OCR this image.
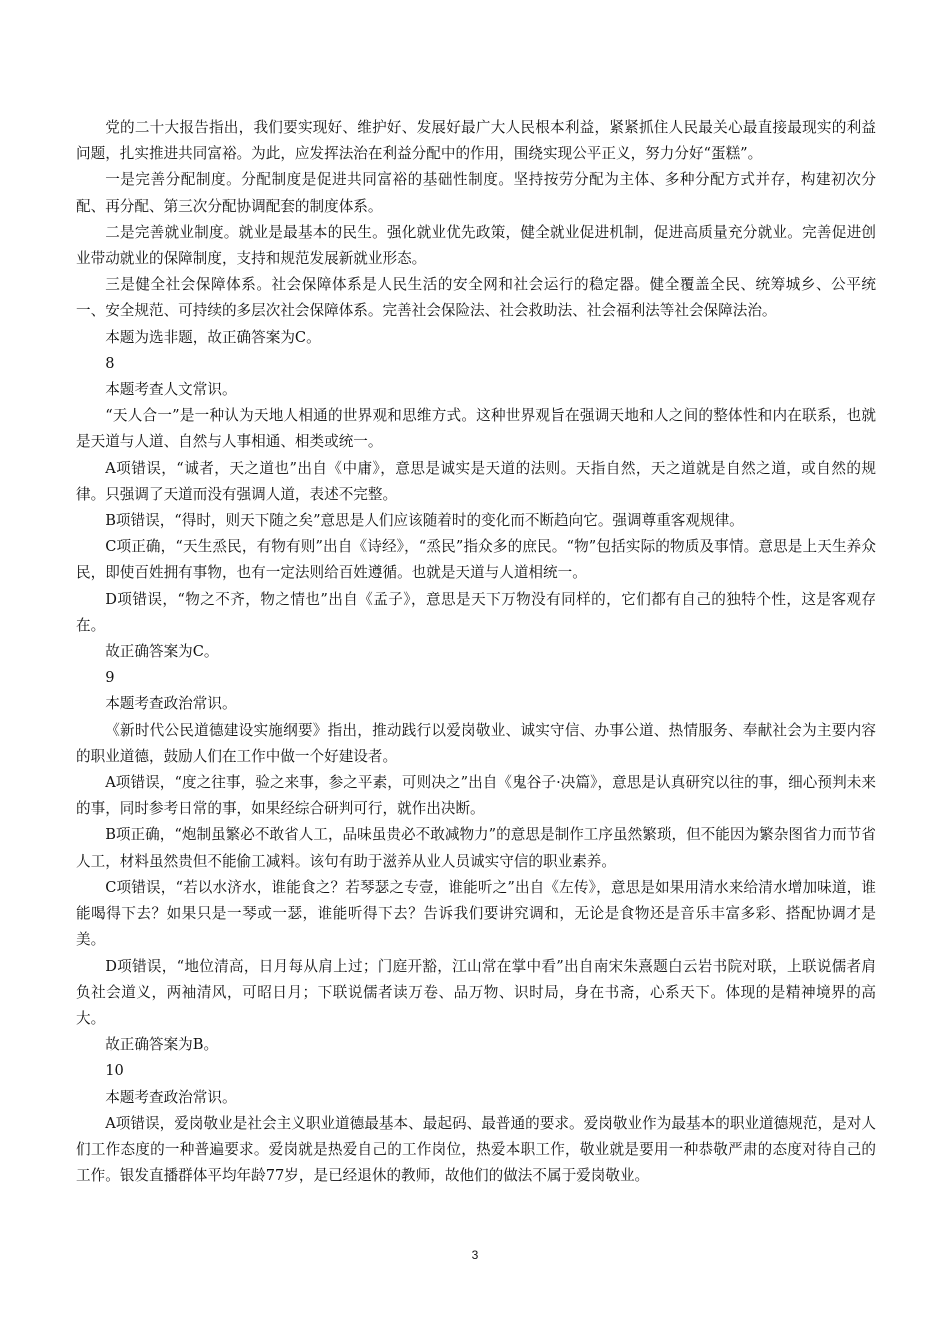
党的二十大报告指出，我们要实现好、维护好、发展好最广大人民根本利益，紧紧抓住人民最关心最直接最现实的利益问题，扎实推进共同富裕。为此，应发挥法治在利益分配中的作用，围绕实现公平正义，努力分好“蛋糕”。

一是完善分配制度。分配制度是促进共同富裕的基础性制度。坚持按劳分配为主体、多种分配方式并存，构建初次分配、再分配、第三次分配协调配套的制度体系。

二是完善就业制度。就业是最基本的民生。强化就业优先政策，健全就业促进机制，促进高质量充分就业。完善促进创业带动就业的保障制度，支持和规范发展新就业形态。

三是健全社会保障体系。社会保障体系是人民生活的安全网和社会运行的稳定器。健全覆盖全民、统筹城乡、公平统一、安全规范、可持续的多层次社会保障体系。完善社会保险法、社会救助法、社会福利法等社会保障法治。

本题为选非题，故正确答案为C。

8

本题考查人文常识。

“天人合一”是一种认为天地人相通的世界观和思维方式。这种世界观旨在强调天地和人之间的整体性和内在联系，也就是天道与人道、自然与人事相通、相类或统一。

A项错误，“诚者，天之道也”出自《中庸》，意思是诚实是天道的法则。天指自然，天之道就是自然之道，或自然的规律。只强调了天道而没有强调人道，表述不完整。

B项错误，“得时，则天下随之矣”意思是人们应该随着时的变化而不断趋向它。强调尊重客观规律。

C项正确，“天生烝民，有物有则”出自《诗经》，“烝民”指众多的庶民。“物”包括实际的物质及事情。意思是上天生养众民，即使百姓拥有事物，也有一定法则给百姓遵循。也就是天道与人道相统一。

D项错误，“物之不齐，物之情也”出自《孟子》，意思是天下万物没有同样的，它们都有自己的独特个性，这是客观存在。

故正确答案为C。

9

本题考查政治常识。

《新时代公民道德建设实施纲要》指出，推动践行以爱岗敬业、诚实守信、办事公道、热情服务、奉献社会为主要内容的职业道德，鼓励人们在工作中做一个好建设者。

A项错误，“度之往事，验之来事，参之平素，可则决之”出自《鬼谷子·决篇》，意思是认真研究以往的事，细心预判未来的事，同时参考日常的事，如果经综合研判可行，就作出决断。

B项正确，“炮制虽繁必不敢省人工，品味虽贵必不敢减物力”的意思是制作工序虽然繁琐，但不能因为繁杂图省力而节省人工，材料虽然贵但不能偷工减料。该句有助于滋养从业人员诚实守信的职业素养。

C项错误，“若以水济水，谁能食之？若琴瑟之专壹，谁能听之”出自《左传》，意思是如果用清水来给清水增加味道，谁能喝得下去？如果只是一琴或一瑟，谁能听得下去？告诉我们要讲究调和，无论是食物还是音乐丰富多彩、搭配协调才是美。

D项错误，“地位清高，日月每从肩上过；门庭开豁，江山常在掌中看”出自南宋朱熹题白云岩书院对联，上联说儒者肩负社会道义，两袖清风，可昭日月；下联说儒者读万卷、品万物、识时局，身在书斋，心系天下。体现的是精神境界的高大。

故正确答案为B。

10

本题考查政治常识。

A项错误，爱岗敬业是社会主义职业道德最基本、最起码、最普通的要求。爱岗敬业作为最基本的职业道德规范，是对人们工作态度的一种普遍要求。爱岗就是热爱自己的工作岗位，热爱本职工作，敬业就是要用一种恭敬严肃的态度对待自己的工作。银发直播群体平均年龄77岁，是已经退休的教师，故他们的做法不属于爱岗敬业。

3
